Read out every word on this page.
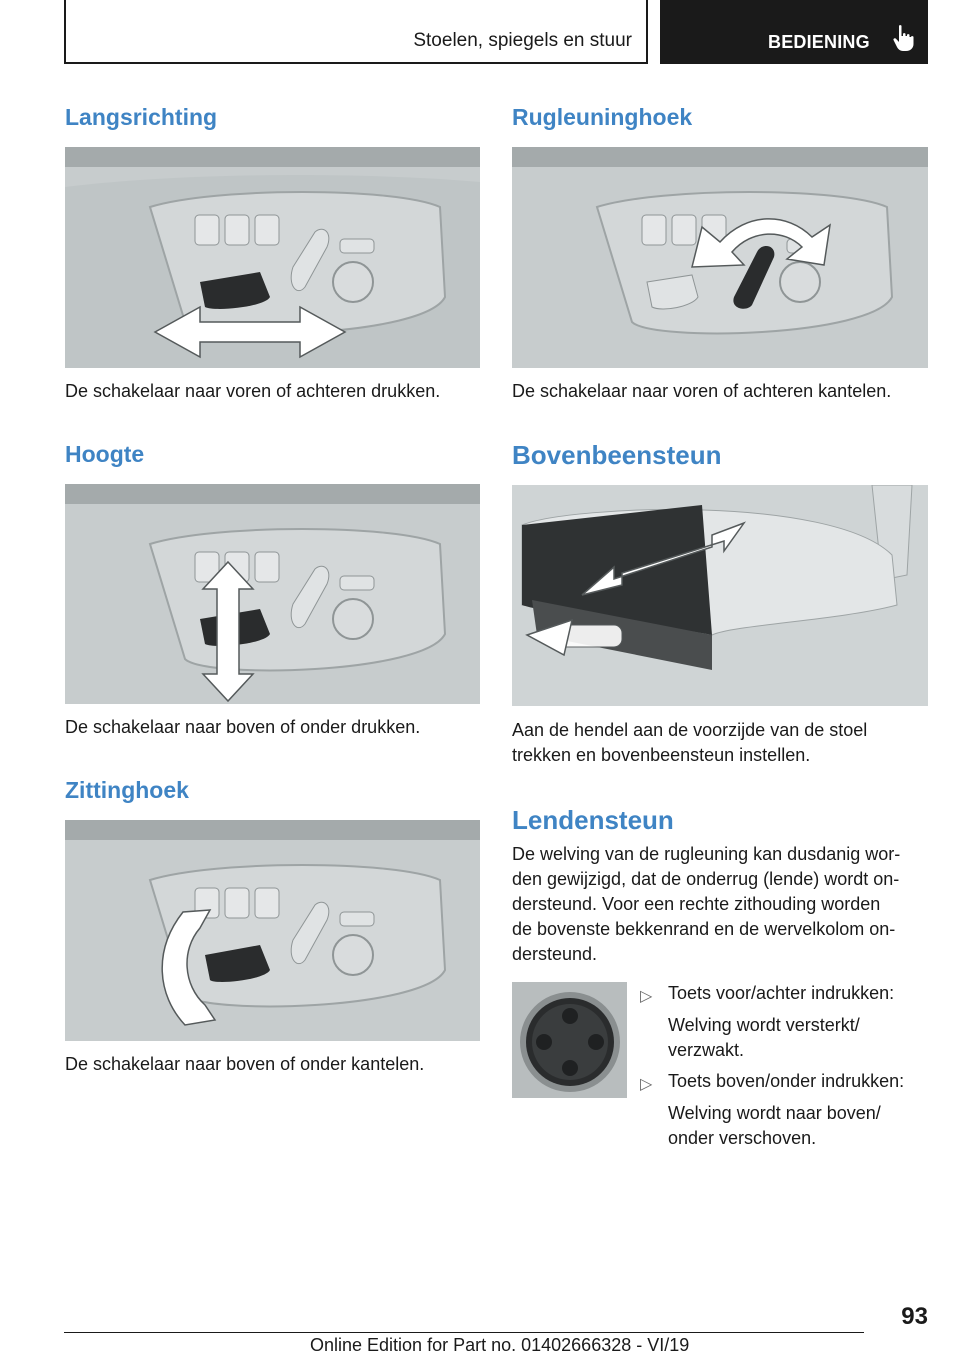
Stoelen, spiegels en stuur	BEDIENING
Langsrichting
De schakelaar naar voren of achteren drukken.
Hoogte
De schakelaar naar boven of onder drukken.
Zittinghoek
De schakelaar naar boven of onder kantelen.
Rugleuninghoek
De schakelaar naar voren of achteren kantelen.
Bovenbeensteun
Aan de hendel aan de voorzijde van de stoel
trekken en bovenbeensteun instellen.
Lendensteun
De welving van de rugleuning kan dusdanig wor-
den gewijzigd, dat de onderrug (lende) wordt on-
dersteund. Voor een rechte zithouding worden
de bovenste bekkenrand en de wervelkolom on-
dersteund.
▷ Toets voor/achter indrukken:
Welving wordt versterkt/
verzwakt.
▷ Toets boven/onder indrukken:
Welving wordt naar boven/
onder verschoven.
93
Online Edition for Part no. 01402666328 - VI/19
